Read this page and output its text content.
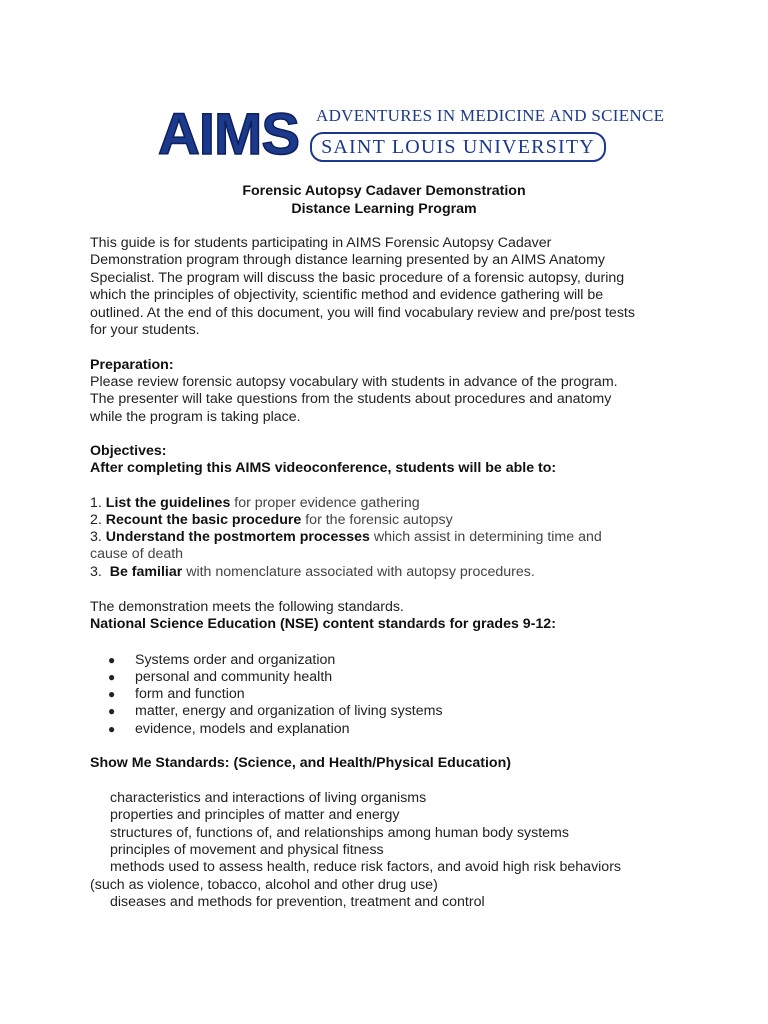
AIMS ADVENTURES IN MEDICINE AND SCIENCE
SAINT LOUIS UNIVERSITY
Forensic Autopsy Cadaver Demonstration
Distance Learning Program
This guide is for students participating in AIMS Forensic Autopsy Cadaver
Demonstration program through distance learning presented by an AIMS Anatomy
Specialist. The program will discuss the basic procedure of a forensic autopsy, during
which the principles of objectivity, scientific method and evidence gathering will be
outlined. At the end of this document, you will find vocabulary review and pre/post tests
for your students.
Preparation:
Please review forensic autopsy vocabulary with students in advance of the program.
The presenter will take questions from the students about procedures and anatomy
while the program is taking place.
Objectives:
After completing this AIMS videoconference, students will be able to:
1. List the guidelines for proper evidence gathering
2. Recount the basic procedure for the forensic autopsy
3. Understand the postmortem processes which assist in determining time and
cause of death
3.  Be familiar with nomenclature associated with autopsy procedures.
The demonstration meets the following standards.
National Science Education (NSE) content standards for grades 9-12:
● Systems order and organization
● personal and community health
● form and function
● matter, energy and organization of living systems
● evidence, models and explanation
Show Me Standards: (Science, and Health/Physical Education)
characteristics and interactions of living organisms
properties and principles of matter and energy
structures of, functions of, and relationships among human body systems
principles of movement and physical fitness
methods used to assess health, reduce risk factors, and avoid high risk behaviors
(such as violence, tobacco, alcohol and other drug use)
diseases and methods for prevention, treatment and control
